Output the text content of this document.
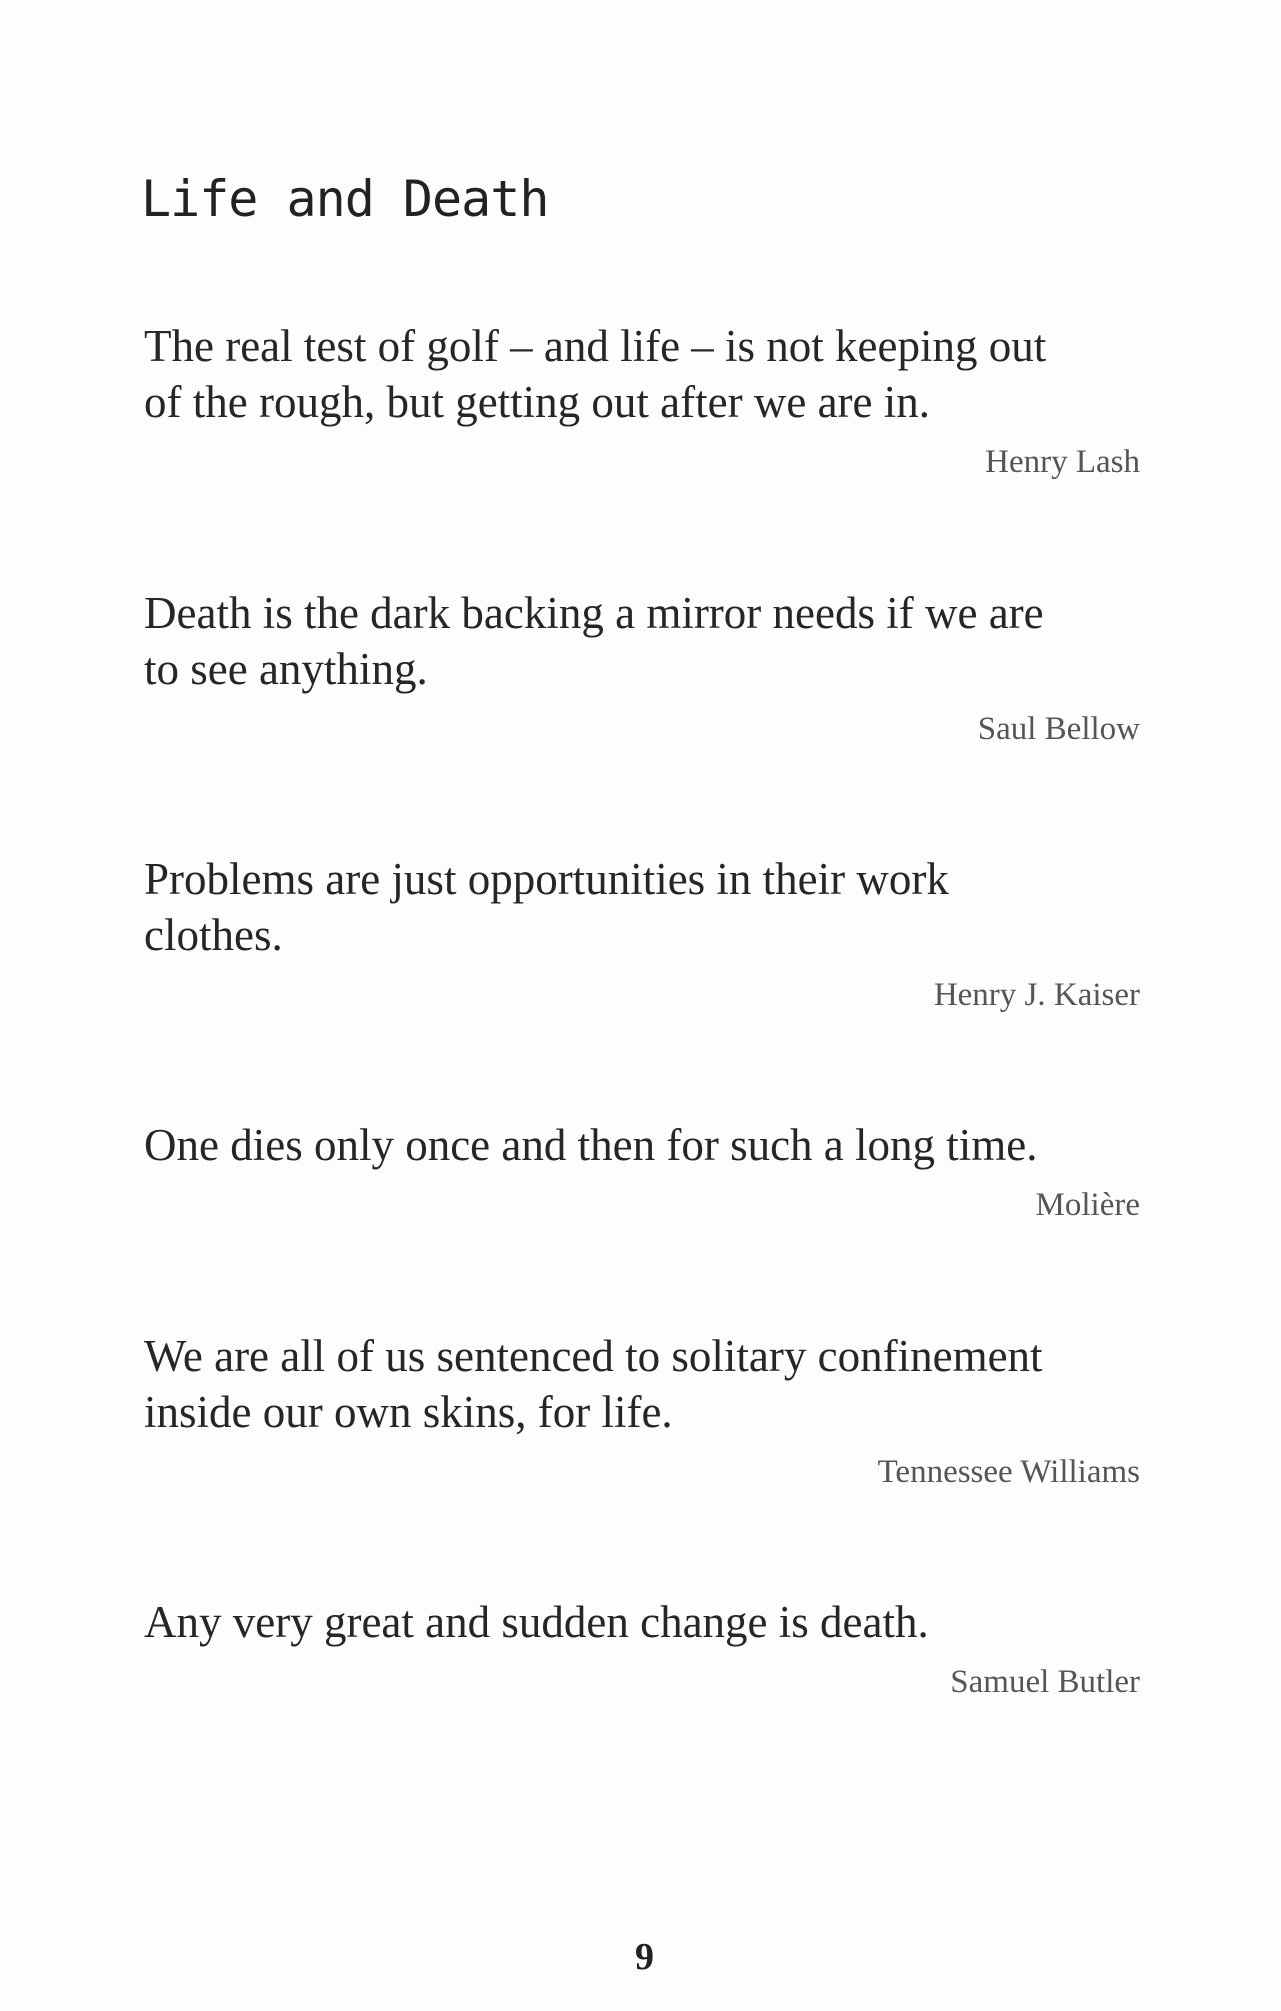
Life and Death

The real test of golf – and life – is not keeping out
of the rough, but getting out after we are in.

Henry Lash

Death is the dark backing a mirror needs if we are
to see anything.

Saul Bellow

Problems are just opportunities in their work
clothes.

Henry J. Kaiser

One dies only once and then for such a long time.

Molière

We are all of us sentenced to solitary confinement
inside our own skins, for life.

Tennessee Williams

Any very great and sudden change is death.

Samuel Butler

9
